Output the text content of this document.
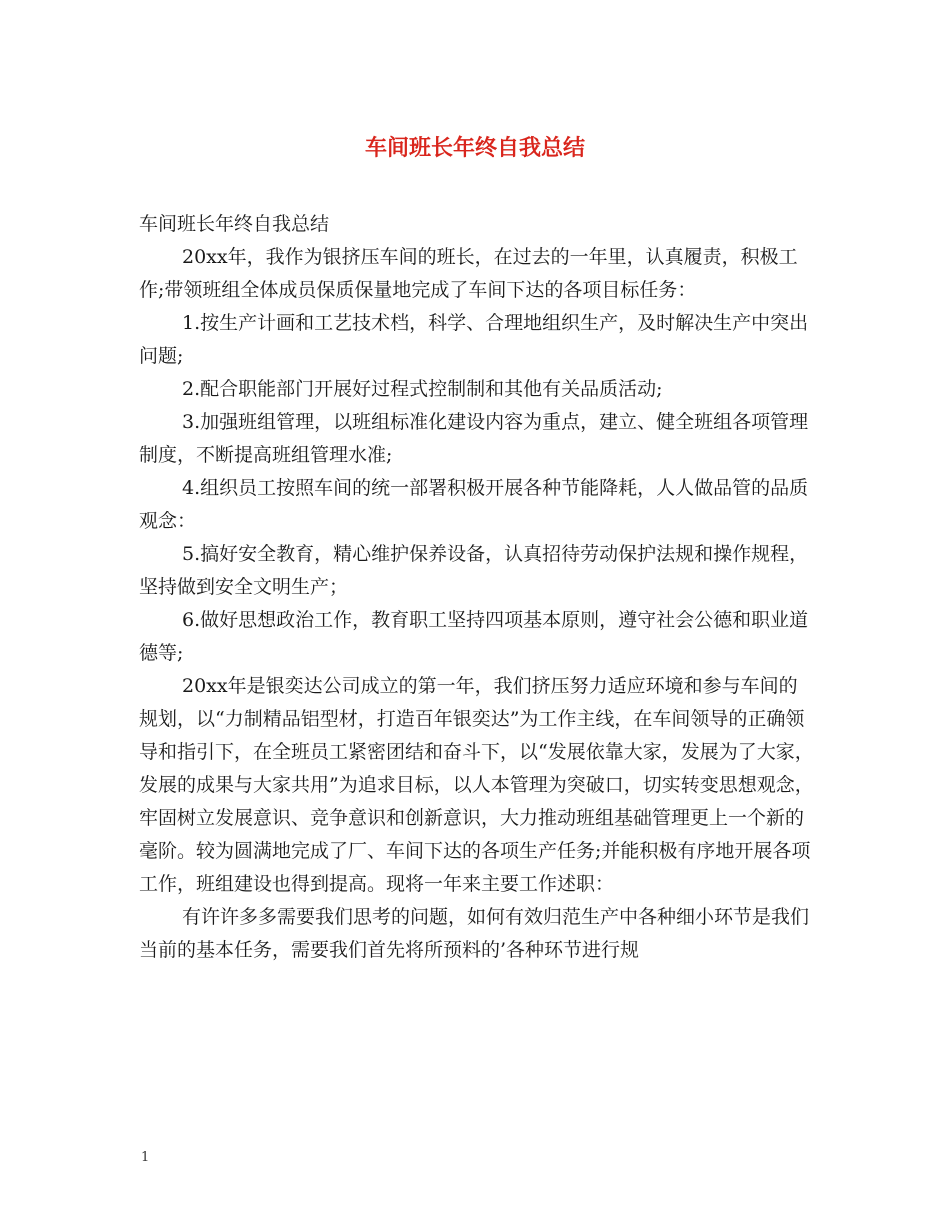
车间班长年终自我总结

车间班长年终自我总结

20xx年，我作为银挤压车间的班长，在过去的一年里，认真履责，积极工作;带领班组全体成员保质保量地完成了车间下达的各项目标任务：

1.按生产计画和工艺技术档，科学、合理地组织生产，及时解决生产中突出问题;

2.配合职能部门开展好过程式控制制和其他有关品质活动;

3.加强班组管理，以班组标准化建设内容为重点，建立、健全班组各项管理制度，不断提高班组管理水准;

4.组织员工按照车间的统一部署积极开展各种节能降耗，人人做品管的品质观念：

5.搞好安全教育，精心维护保养设备，认真招待劳动保护法规和操作规程，坚持做到安全文明生产；

6.做好思想政治工作，教育职工坚持四项基本原则，遵守社会公德和职业道德等;

20xx年是银奕达公司成立的第一年，我们挤压努力适应环境和参与车间的规划，以“力制精品铝型材，打造百年银奕达”为工作主线，在车间领导的正确领导和指引下，在全班员工紧密团结和奋斗下，以“发展依靠大家，发展为了大家，发展的成果与大家共用”为追求目标，以人本管理为突破口，切实转变思想观念，牢固树立发展意识、竞争意识和创新意识，大力推动班组基础管理更上一个新的毫阶。较为圆满地完成了厂、车间下达的各项生产任务;并能积极有序地开展各项工作，班组建设也得到提高。现将一年来主要工作述职：

有许许多多需要我们思考的问题，如何有效归范生产中各种细小环节是我们当前的基本任务，需要我们首先将所预料的’各种环节进行规

1
